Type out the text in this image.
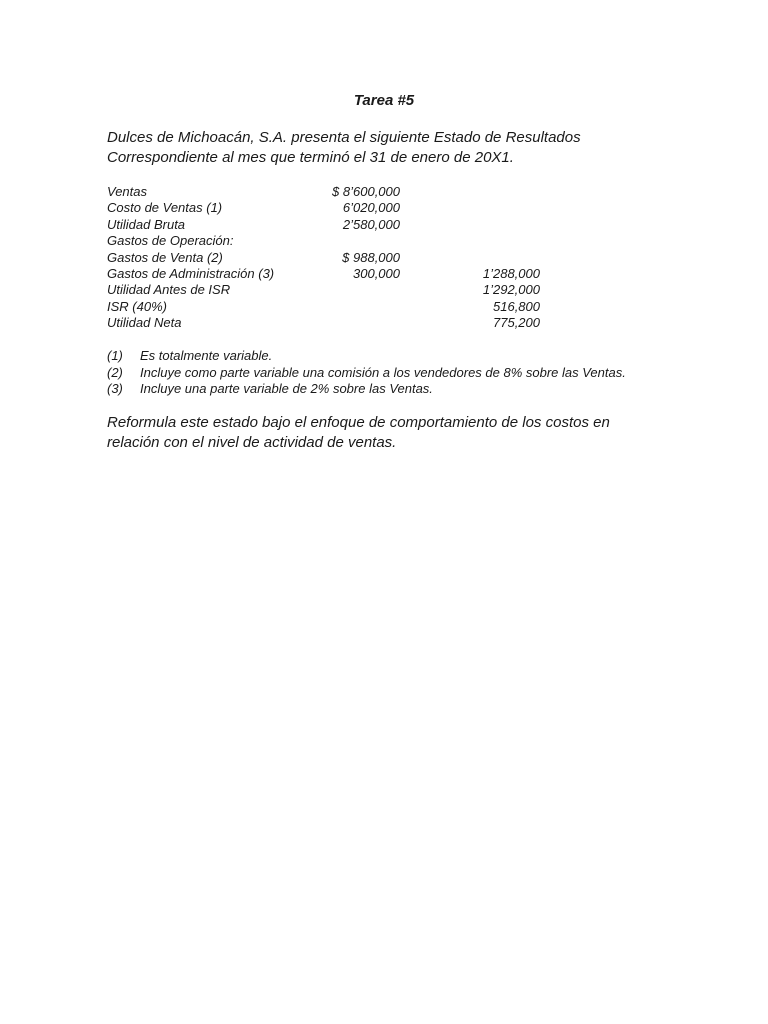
Tarea #5
Dulces de Michoacán, S.A. presenta el siguiente Estado de Resultados
Correspondiente al mes que terminó el 31 de enero de 20X1.
Ventas	$ 8’600,000
Costo de Ventas (1)	6’020,000
Utilidad Bruta	2’580,000
Gastos de Operación:
Gastos de Venta (2)	$ 988,000
Gastos de Administración (3)	300,000	1’288,000
Utilidad Antes de ISR	1’292,000
ISR (40%)	516,800
Utilidad Neta	775,200
(1) Es totalmente variable.
(2) Incluye como parte variable una comisión a los vendedores de 8% sobre las Ventas.
(3) Incluye una parte variable de 2% sobre las Ventas.
Reformula este estado bajo el enfoque de comportamiento de los costos en
relación con el nivel de actividad de ventas.
